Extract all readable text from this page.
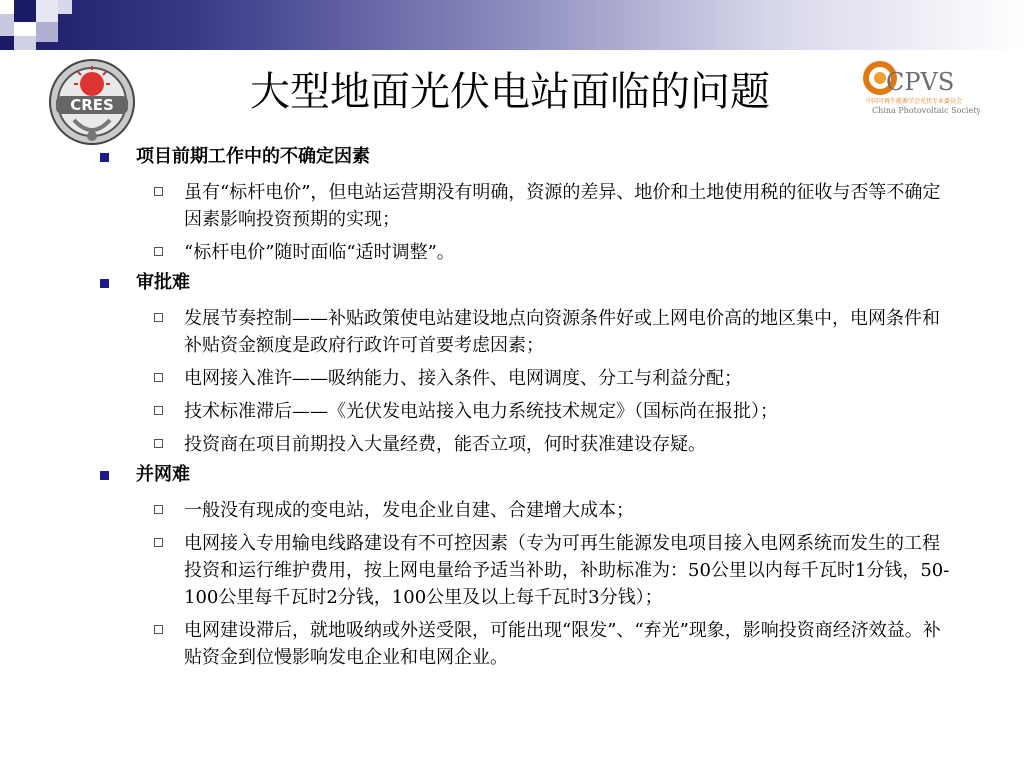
CRES	大型地面光伏电站面临的问题	CPVS
中国可再生能源学会光伏专业委员会
China Photovoltaic Society
项目前期工作中的不确定因素
虽有“标杆电价”，但电站运营期没有明确，资源的差异、地价和土地使用税的征收与否等不确定因素影响投资预期的实现；
“标杆电价”随时面临“适时调整”。
审批难
发展节奏控制——补贴政策使电站建设地点向资源条件好或上网电价高的地区集中，电网条件和补贴资金额度是政府行政许可首要考虑因素；
电网接入准许——吸纳能力、接入条件、电网调度、分工与利益分配；
技术标准滞后——《光伏发电站接入电力系统技术规定》（国标尚在报批）；
投资商在项目前期投入大量经费，能否立项，何时获准建设存疑。
并网难
一般没有现成的变电站，发电企业自建、合建增大成本；
电网接入专用输电线路建设有不可控因素（专为可再生能源发电项目接入电网系统而发生的工程投资和运行维护费用，按上网电量给予适当补助，补助标准为：50公里以内每千瓦时1分钱，50-100公里每千瓦时2分钱，100公里及以上每千瓦时3分钱）；
电网建设滞后，就地吸纳或外送受限，可能出现“限发”、“弃光”现象，影响投资商经济效益。补贴资金到位慢影响发电企业和电网企业。
